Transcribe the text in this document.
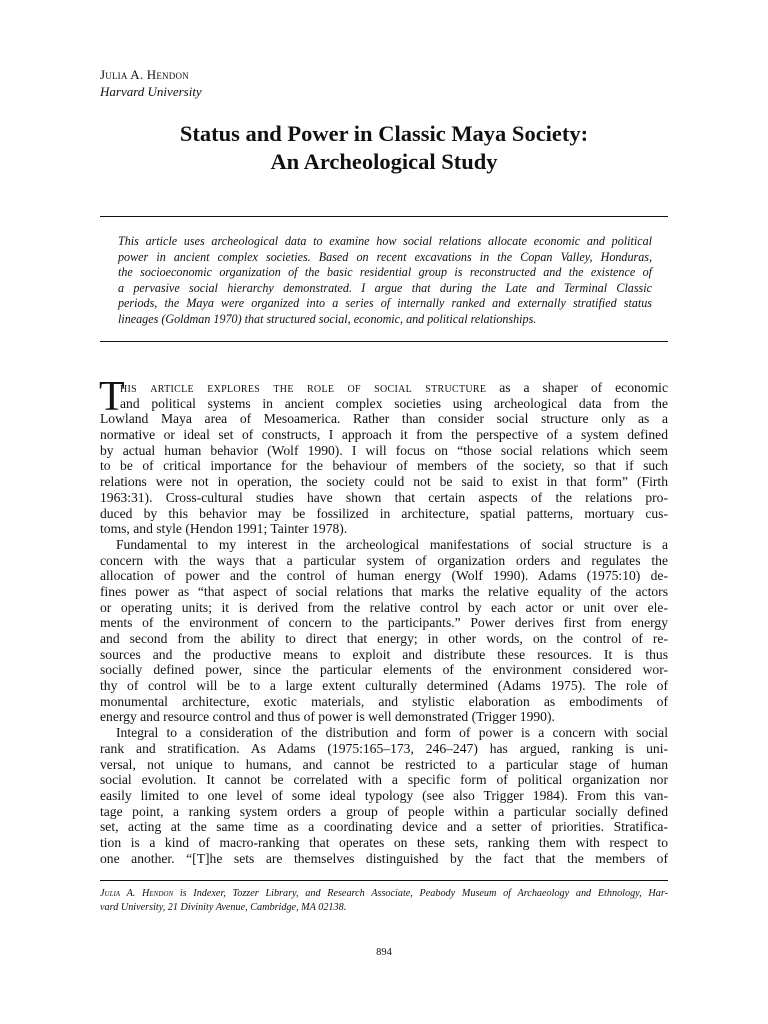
Julia A. Hendon
Harvard University
Status and Power in Classic Maya Society:
An Archeological Study
This article uses archeological data to examine how social relations allocate economic and political
power in ancient complex societies. Based on recent excavations in the Copan Valley, Honduras,
the socioeconomic organization of the basic residential group is reconstructed and the existence of
a pervasive social hierarchy demonstrated. I argue that during the Late and Terminal Classic
periods, the Maya were organized into a series of internally ranked and externally stratified status
lineages (Goldman 1970) that structured social, economic, and political relationships.
T
his article explores the role of social structure as a shaper of economic
and political systems in ancient complex societies using archeological data from the
Lowland Maya area of Mesoamerica. Rather than consider social structure only as a
normative or ideal set of constructs, I approach it from the perspective of a system defined
by actual human behavior (Wolf 1990). I will focus on “those social relations which seem
to be of critical importance for the behaviour of members of the society, so that if such
relations were not in operation, the society could not be said to exist in that form” (Firth
1963:31). Cross-cultural studies have shown that certain aspects of the relations pro-
duced by this behavior may be fossilized in architecture, spatial patterns, mortuary cus-
toms, and style (Hendon 1991; Tainter 1978).
Fundamental to my interest in the archeological manifestations of social structure is a
concern with the ways that a particular system of organization orders and regulates the
allocation of power and the control of human energy (Wolf 1990). Adams (1975:10) de-
fines power as “that aspect of social relations that marks the relative equality of the actors
or operating units; it is derived from the relative control by each actor or unit over ele-
ments of the environment of concern to the participants.” Power derives first from energy
and second from the ability to direct that energy; in other words, on the control of re-
sources and the productive means to exploit and distribute these resources. It is thus
socially defined power, since the particular elements of the environment considered wor-
thy of control will be to a large extent culturally determined (Adams 1975). The role of
monumental architecture, exotic materials, and stylistic elaboration as embodiments of
energy and resource control and thus of power is well demonstrated (Trigger 1990).
Integral to a consideration of the distribution and form of power is a concern with social
rank and stratification. As Adams (1975:165–173, 246–247) has argued, ranking is uni-
versal, not unique to humans, and cannot be restricted to a particular stage of human
social evolution. It cannot be correlated with a specific form of political organization nor
easily limited to one level of some ideal typology (see also Trigger 1984). From this van-
tage point, a ranking system orders a group of people within a particular socially defined
set, acting at the same time as a coordinating device and a setter of priorities. Stratifica-
tion is a kind of macro-ranking that operates on these sets, ranking them with respect to
one another. “[T]he sets are themselves distinguished by the fact that the members of
Julia A. Hendon is Indexer, Tozzer Library, and Research Associate, Peabody Museum of Archaeology and Ethnology, Har-
vard University, 21 Divinity Avenue, Cambridge, MA 02138.
894
